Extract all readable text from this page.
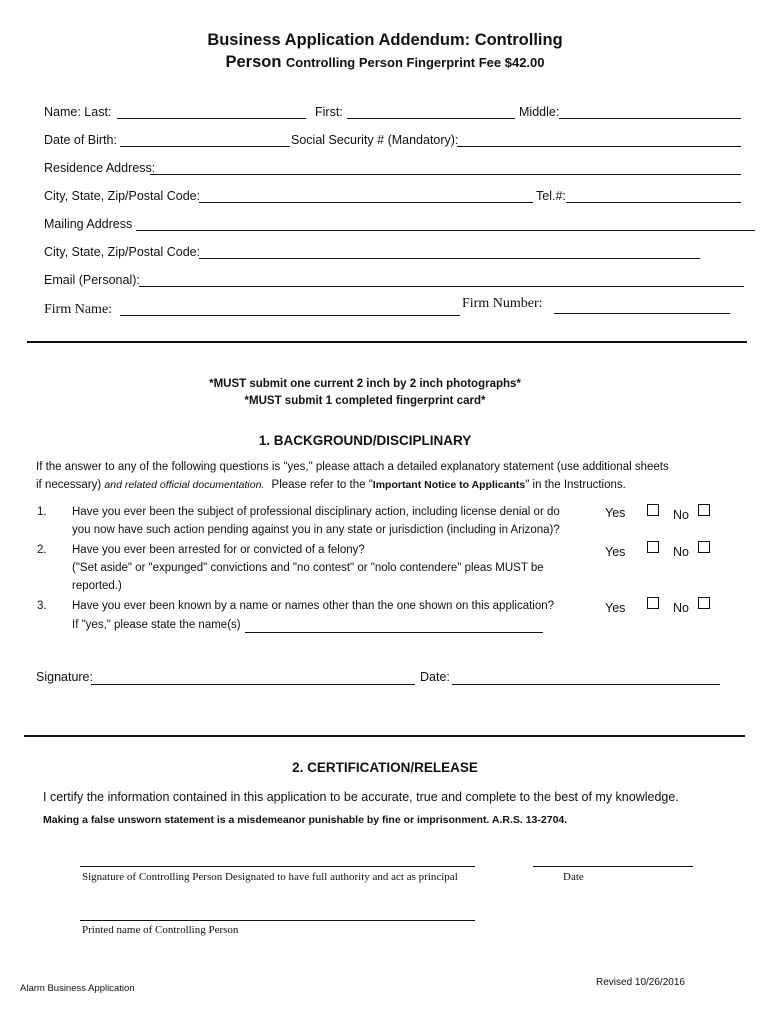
Business Application Addendum: Controlling
Person Controlling Person Fingerprint Fee $42.00
Name: Last:	First:	Middle:
Date of Birth:	Social Security # (Mandatory):
Residence Address:
City, State, Zip/Postal Code:	Tel.#:
Mailing Address
City, State, Zip/Postal Code:
Email (Personal):
Firm Name:	Firm Number:
*MUST submit one current 2 inch by 2 inch photographs*
*MUST submit 1 completed fingerprint card*
1. BACKGROUND/DISCIPLINARY
If the answer to any of the following questions is "yes," please attach a detailed explanatory statement (use additional sheets
if necessary) and related official documentation. Please refer to the "Important Notice to Applicants" in the Instructions.
1. Have you ever been the subject of professional disciplinary action, including license denial or do
you now have such action pending against you in any state or jurisdiction (including in Arizona)?
Yes	No
2. Have you ever been arrested for or convicted of a felony?
("Set aside" or "expunged" convictions and "no contest" or "nolo contendere" pleas MUST be
reported.)
Yes	No
3. Have you ever been known by a name or names other than the one shown on this application?
If "yes," please state the name(s)
Yes	No
Signature:	Date:
2. CERTIFICATION/RELEASE
I certify the information contained in this application to be accurate, true and complete to the best of my knowledge.
Making a false unsworn statement is a misdemeanor punishable by fine or imprisonment. A.R.S. 13-2704.
Signature of Controlling Person Designated to have full authority and act as principal	Date
Printed name of Controlling Person
Alarm Business Application
Revised 10/26/2016
